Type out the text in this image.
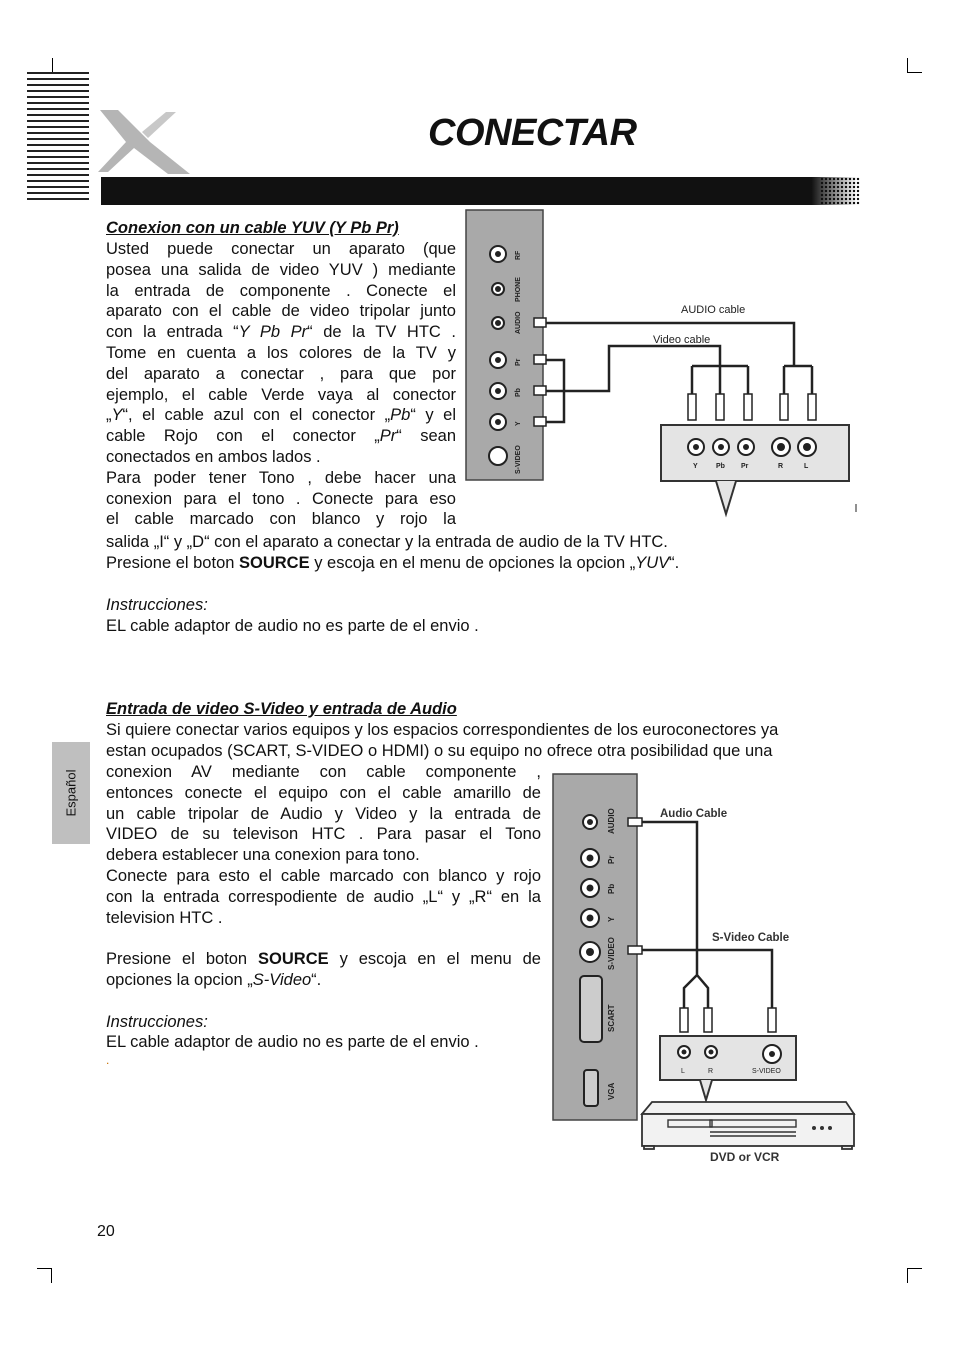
CONECTAR
Español
Conexion con un cable YUV (Y Pb Pr)
Usted puede conectar un aparato (que
posea una salida de video YUV ) mediante
la entrada de componente . Conecte el
aparato con el cable de video tripolar junto
con la entrada “Y Pb Pr“ de la TV HTC .
Tome en cuenta a los colores de la TV y
del aparato a conectar , para que por
ejemplo, el cable Verde vaya al conector
„Y“, el cable azul con el conector „Pb“ y el
cable Rojo con el conector „Pr“ sean
conectados en ambos lados .
Para poder tener Tono , debe hacer una
conexion para el tono . Conecte para eso
el cable marcado con blanco y rojo la
salida „I“ y „D“ con el aparato a conectar y la entrada de audio de la TV HTC.
Presione el boton SOURCE y escoja en el menu de opciones la opcion „YUV“.
Instrucciones:
EL cable adaptor de audio no es parte de el envio .
RF
PHONE
AUDIO
Pr
Pb
Y
S-VIDEO
AUDIO cable
Video cable
Y	Pb Pr	R	L
Entrada de video S-Video y entrada de Audio
Si quiere conectar varios equipos y los espacios correspondientes de los euroconectores ya
estan ocupados (SCART, S-VIDEO o HDMI) o su equipo no ofrece otra posibilidad que una
conexion AV mediante con cable componente ,
entonces conecte el equipo con el cable amarillo de
un cable tripolar de Audio y Video y la entrada de
VIDEO de su televison HTC . Para pasar el Tono
debera establecer una conexion para tono.
Conecte para esto el cable marcado con blanco y rojo
con la entrada correspodiente de audio „L“ y „R“ en la
television HTC .
Presione el boton SOURCE y escoja en el menu de
opciones la opcion „S-Video“.
Instrucciones:
EL cable adaptor de audio no es parte de el envio .
.
AUDIO
Pr
Pb
Y
S-VIDEO
SCART
VGA
Audio Cable
S-Video Cable
L	R	S-VIDEO
DVD or VCR
20
